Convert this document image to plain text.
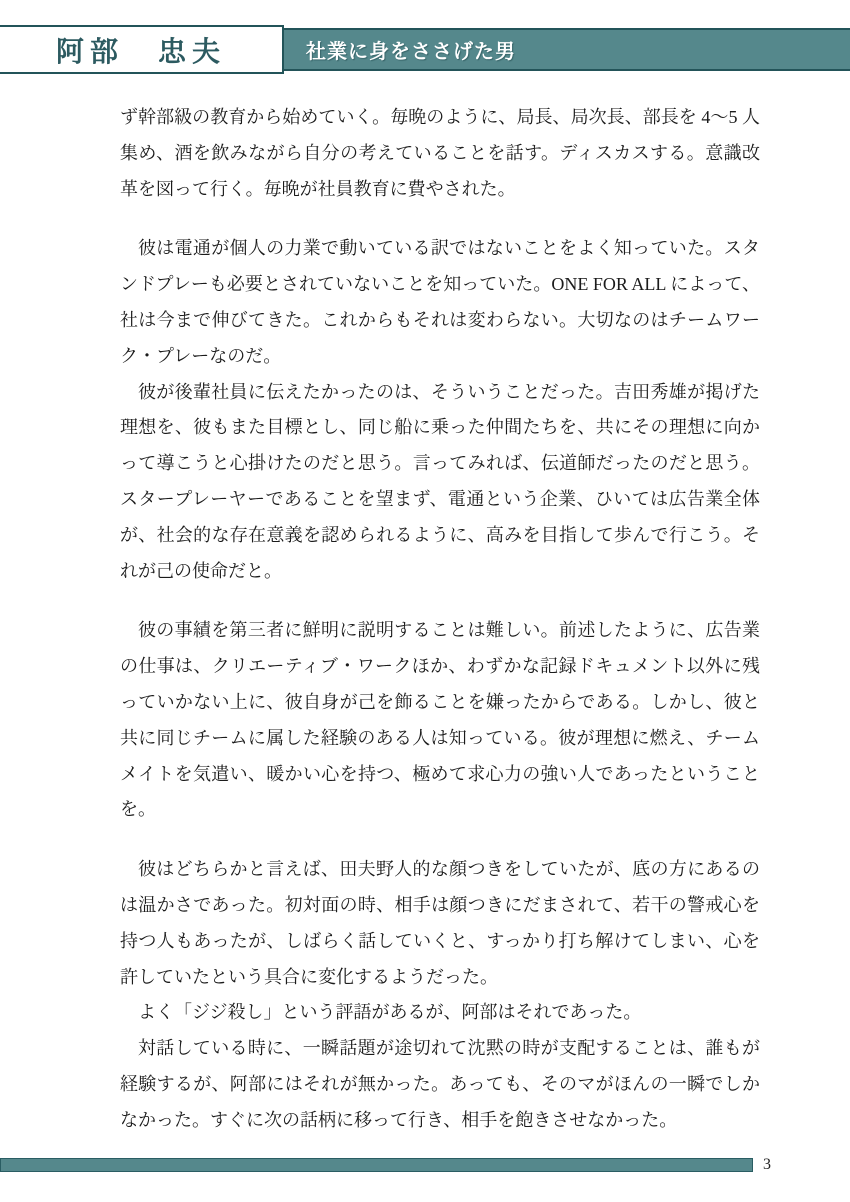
阿部　忠夫	社業に身をささげた男

ず幹部級の教育から始めていく。毎晩のように、局長、局次長、部長を 4～5 人集め、酒を飲みながら自分の考えていることを話す。ディスカスする。意識改革を図って行く。毎晩が社員教育に費やされた。

彼は電通が個人の力業で動いている訳ではないことをよく知っていた。スタンドプレーも必要とされていないことを知っていた。ONE FOR ALL によって、社は今まで伸びてきた。これからもそれは変わらない。大切なのはチームワーク・プレーなのだ。

彼が後輩社員に伝えたかったのは、そういうことだった。吉田秀雄が掲げた理想を、彼もまた目標とし、同じ船に乗った仲間たちを、共にその理想に向かって導こうと心掛けたのだと思う。言ってみれば、伝道師だったのだと思う。スタープレーヤーであることを望まず、電通という企業、ひいては広告業全体が、社会的な存在意義を認められるように、高みを目指して歩んで行こう。それが己の使命だと。

彼の事績を第三者に鮮明に説明することは難しい。前述したように、広告業の仕事は、クリエーティブ・ワークほか、わずかな記録ドキュメント以外に残っていかない上に、彼自身が己を飾ることを嫌ったからである。しかし、彼と共に同じチームに属した経験のある人は知っている。彼が理想に燃え、チームメイトを気遣い、暖かい心を持つ、極めて求心力の強い人であったということを。

彼はどちらかと言えば、田夫野人的な顔つきをしていたが、底の方にあるのは温かさであった。初対面の時、相手は顔つきにだまされて、若干の警戒心を持つ人もあったが、しばらく話していくと、すっかり打ち解けてしまい、心を許していたという具合に変化するようだった。

よく「ジジ殺し」という評語があるが、阿部はそれであった。

対話している時に、一瞬話題が途切れて沈黙の時が支配することは、誰もが経験するが、阿部にはそれが無かった。あっても、そのマがほんの一瞬でしかなかった。すぐに次の話柄に移って行き、相手を飽きさせなかった。

3
